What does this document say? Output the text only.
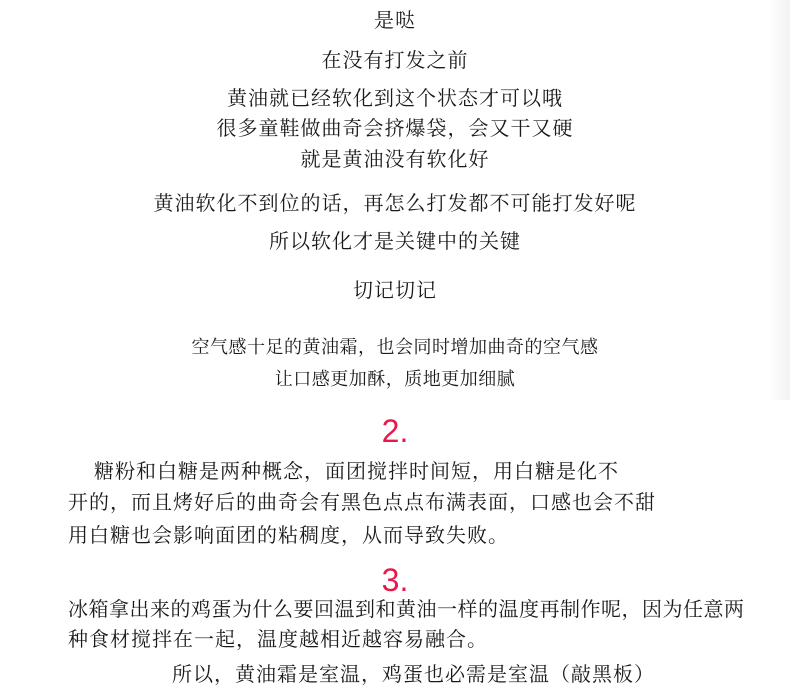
是哒
在没有打发之前
黄油就已经软化到这个状态才可以哦
很多童鞋做曲奇会挤爆袋，会又干又硬
就是黄油没有软化好
黄油软化不到位的话，再怎么打发都不可能打发好呢
所以软化才是关键中的关键
切记切记
空气感十足的黄油霜，也会同时增加曲奇的空气感
让口感更加酥，质地更加细腻
2.
糖粉和白糖是两种概念，面团搅拌时间短，用白糖是化不
开的，而且烤好后的曲奇会有黑色点点布满表面，口感也会不甜
用白糖也会影响面团的粘稠度，从而导致失败。
3.
冰箱拿出来的鸡蛋为什么要回温到和黄油一样的温度再制作呢，因为任意两
种食材搅拌在一起，温度越相近越容易融合。
所以，黄油霜是室温，鸡蛋也必需是室温（敲黑板）
